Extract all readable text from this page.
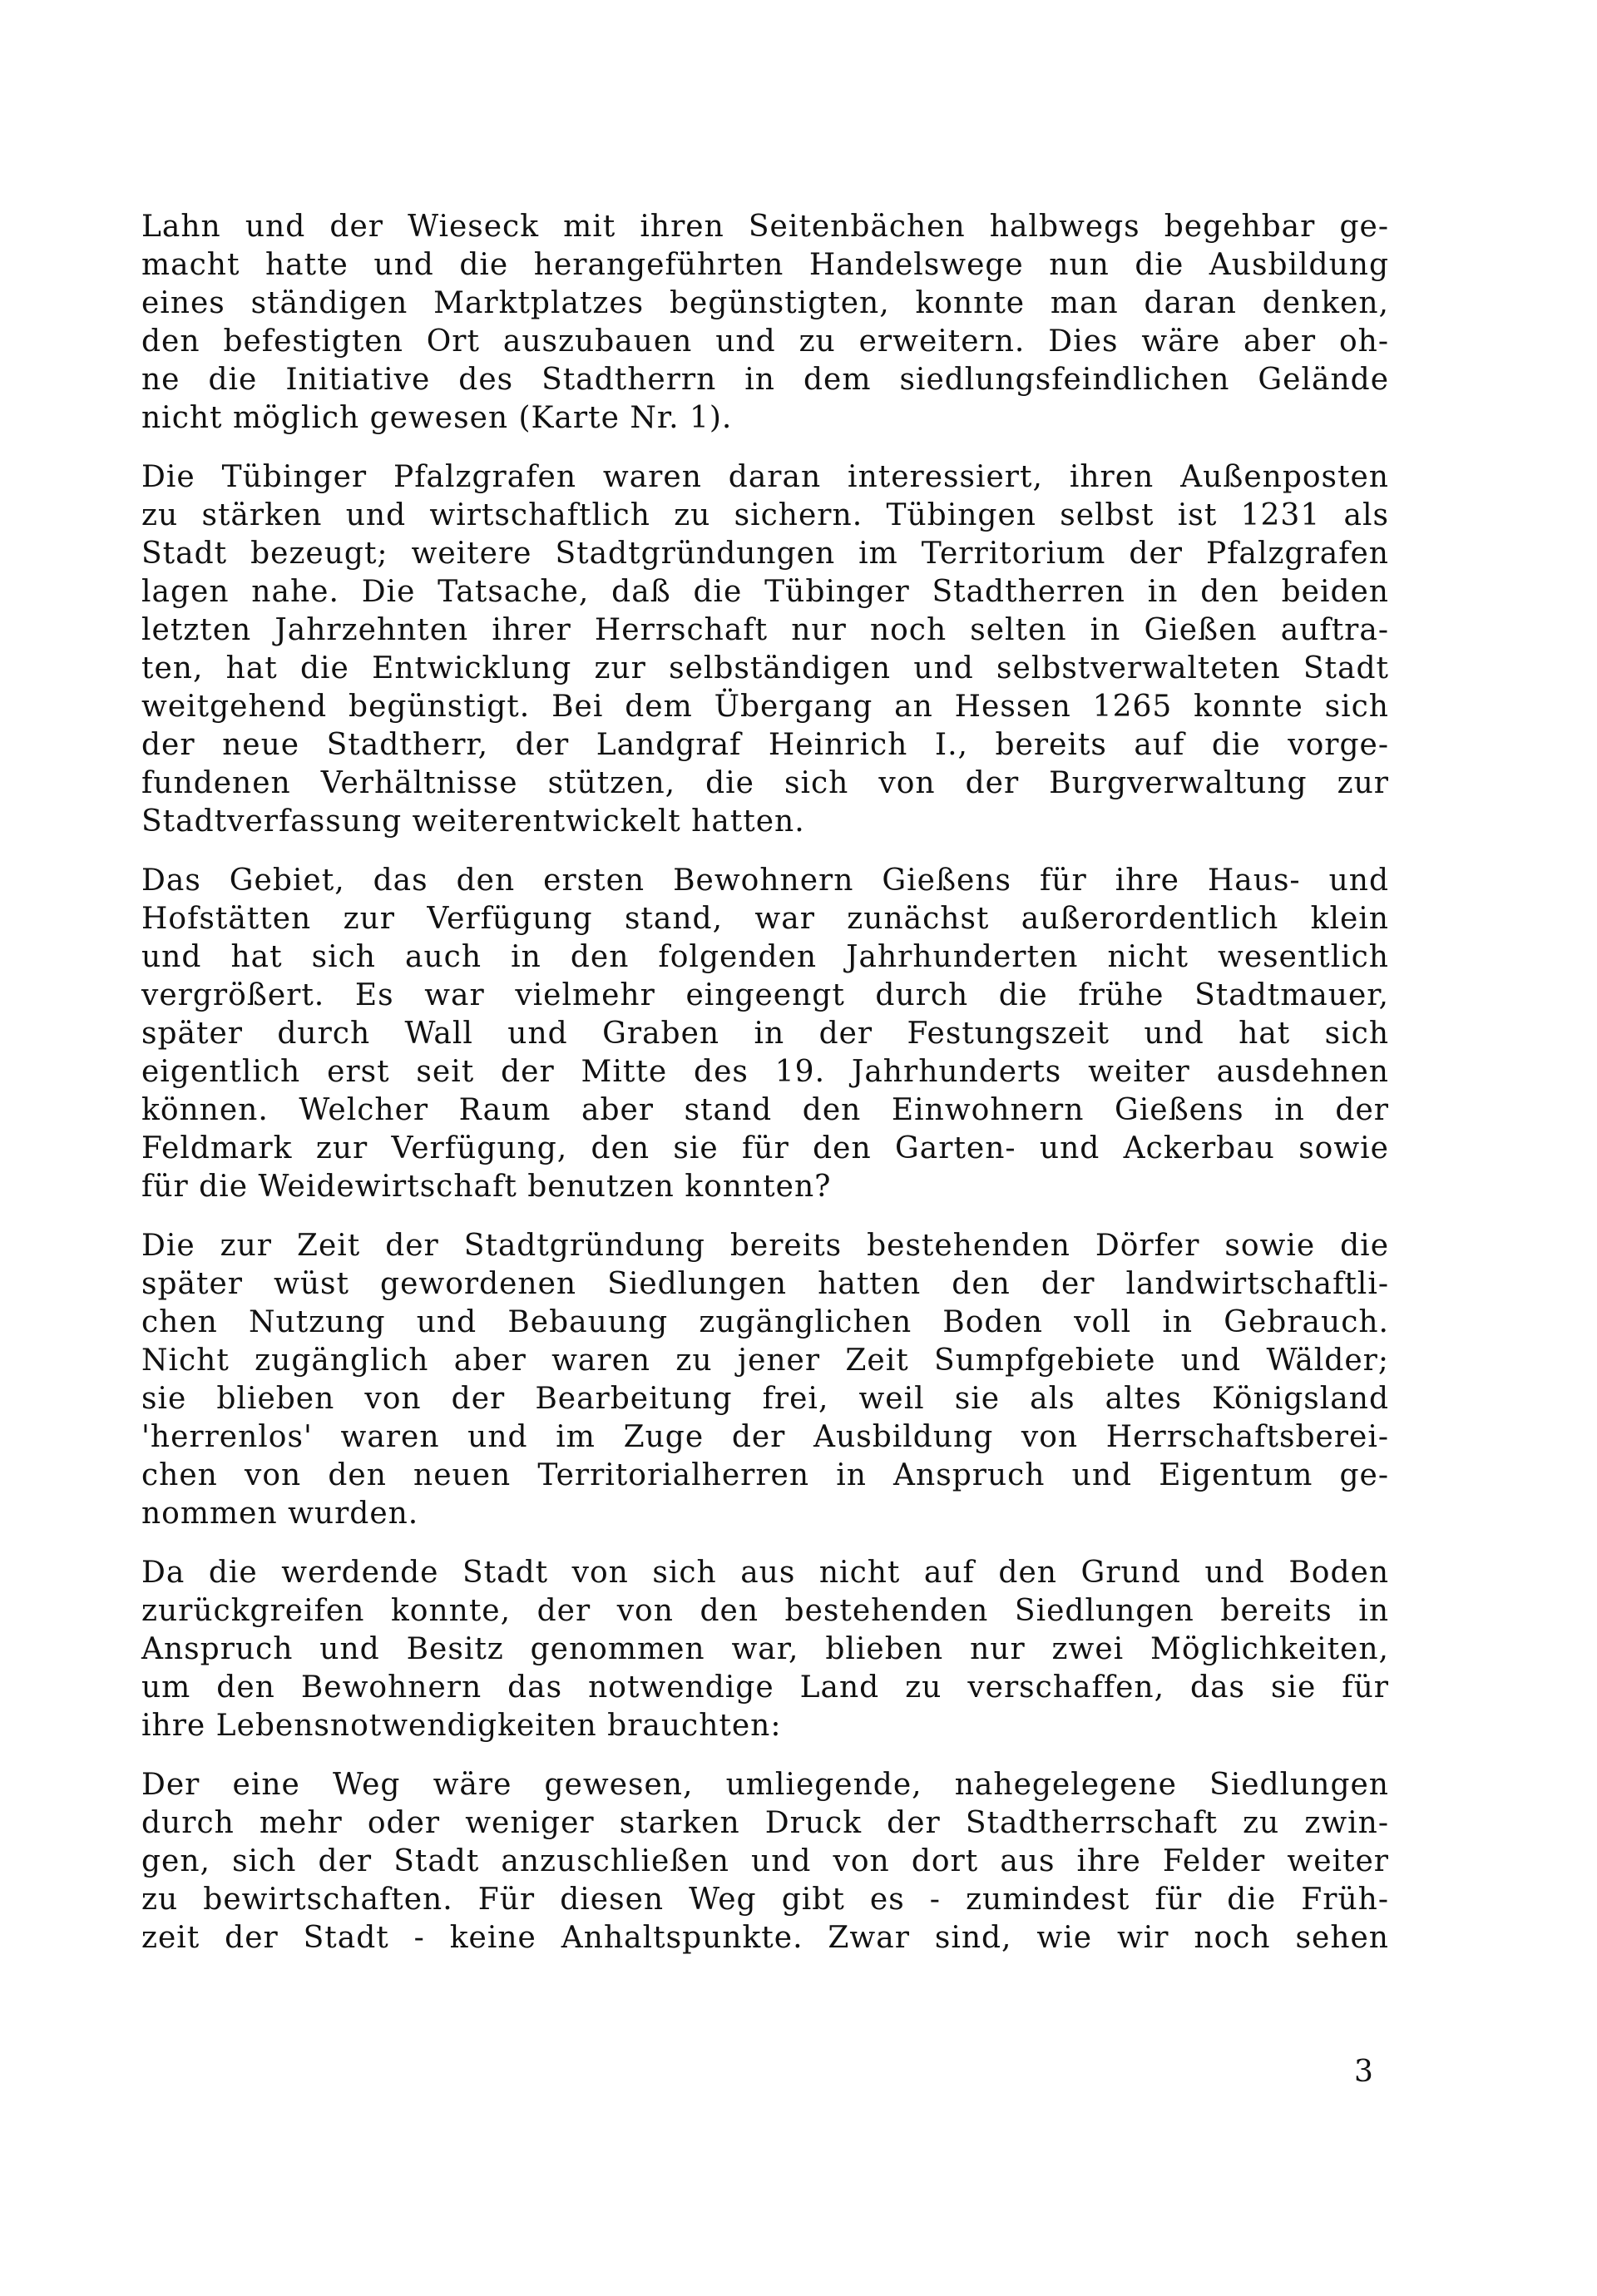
Lahn und der Wieseck mit ihren Seitenbächen halbwegs begehbar ge-
macht hatte und die herangeführten Handelswege nun die Ausbildung
eines ständigen Marktplatzes begünstigten, konnte man daran denken,
den befestigten Ort auszubauen und zu erweitern. Dies wäre aber oh-
ne die Initiative des Stadtherrn in dem siedlungsfeindlichen Gelände
nicht möglich gewesen (Karte Nr. 1).
Die Tübinger Pfalzgrafen waren daran interessiert, ihren Außenposten
zu stärken und wirtschaftlich zu sichern. Tübingen selbst ist 1231 als
Stadt bezeugt; weitere Stadtgründungen im Territorium der Pfalzgrafen
lagen nahe. Die Tatsache, daß die Tübinger Stadtherren in den beiden
letzten Jahrzehnten ihrer Herrschaft nur noch selten in Gießen auftra-
ten, hat die Entwicklung zur selbständigen und selbstverwalteten Stadt
weitgehend begünstigt. Bei dem Übergang an Hessen 1265 konnte sich
der neue Stadtherr, der Landgraf Heinrich I., bereits auf die vorge-
fundenen Verhältnisse stützen, die sich von der Burgverwaltung zur
Stadtverfassung weiterentwickelt hatten.
Das Gebiet, das den ersten Bewohnern Gießens für ihre Haus- und
Hofstätten zur Verfügung stand, war zunächst außerordentlich klein
und hat sich auch in den folgenden Jahrhunderten nicht wesentlich
vergrößert. Es war vielmehr eingeengt durch die frühe Stadtmauer,
später durch Wall und Graben in der Festungszeit und hat sich
eigentlich erst seit der Mitte des 19. Jahrhunderts weiter ausdehnen
können. Welcher Raum aber stand den Einwohnern Gießens in der
Feldmark zur Verfügung, den sie für den Garten- und Ackerbau sowie
für die Weidewirtschaft benutzen konnten?
Die zur Zeit der Stadtgründung bereits bestehenden Dörfer sowie die
später wüst gewordenen Siedlungen hatten den der landwirtschaftli-
chen Nutzung und Bebauung zugänglichen Boden voll in Gebrauch.
Nicht zugänglich aber waren zu jener Zeit Sumpfgebiete und Wälder;
sie blieben von der Bearbeitung frei, weil sie als altes Königsland
'herrenlos' waren und im Zuge der Ausbildung von Herrschaftsberei-
chen von den neuen Territorialherren in Anspruch und Eigentum ge-
nommen wurden.
Da die werdende Stadt von sich aus nicht auf den Grund und Boden
zurückgreifen konnte, der von den bestehenden Siedlungen bereits in
Anspruch und Besitz genommen war, blieben nur zwei Möglichkeiten,
um den Bewohnern das notwendige Land zu verschaffen, das sie für
ihre Lebensnotwendigkeiten brauchten:
Der eine Weg wäre gewesen, umliegende, nahegelegene Siedlungen
durch mehr oder weniger starken Druck der Stadtherrschaft zu zwin-
gen, sich der Stadt anzuschließen und von dort aus ihre Felder weiter
zu bewirtschaften. Für diesen Weg gibt es - zumindest für die Früh-
zeit der Stadt - keine Anhaltspunkte. Zwar sind, wie wir noch sehen
3
